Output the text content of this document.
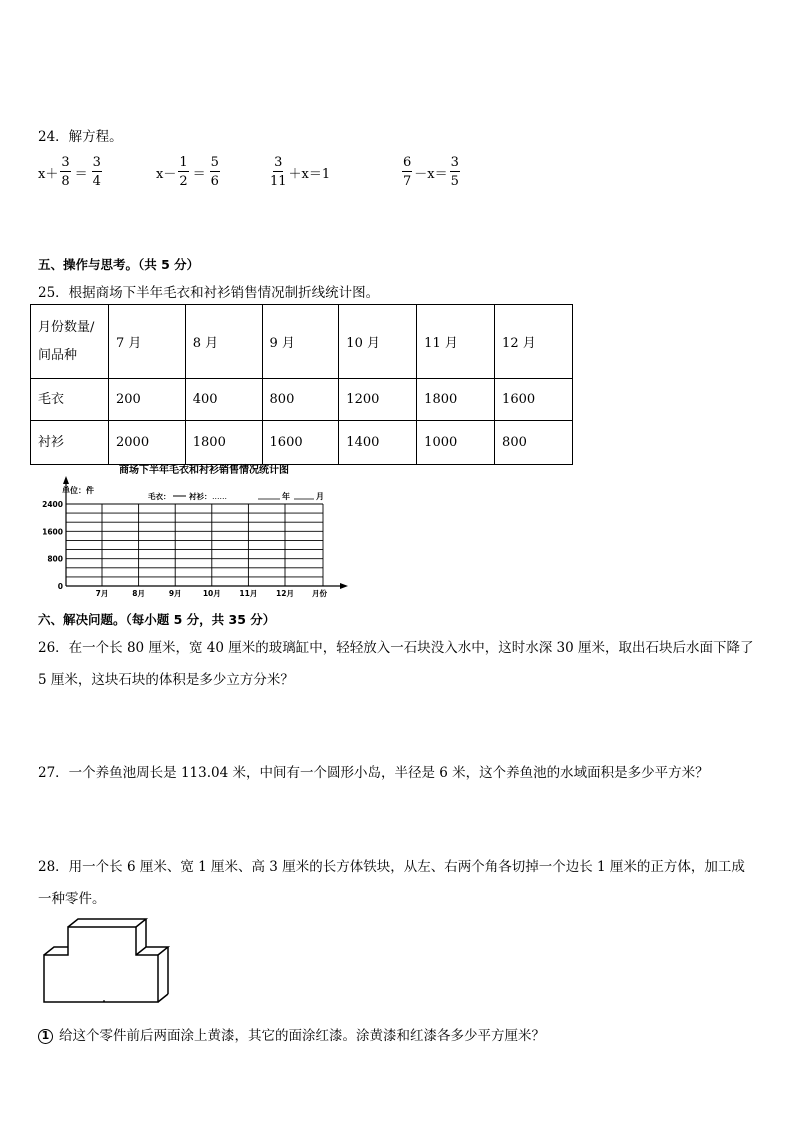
24．解方程。
$x+ \frac{3}{8} = \frac{3}{4}$	$x- \frac{1}{2} = \frac{5}{6}$	$\frac{3}{11} +x=1$	$\frac{6}{7} -x= \frac{3}{5}$
五、操作与思考。（共 5 分）
25．根据商场下半年毛衣和衬衫销售情况制折线统计图。
月份数量/
间品种	7 月	8 月	9 月	10 月	11 月	12 月
毛衣	200	400	800	1200	1800	1600
衬衫	2000	1800	1600	1400	1000	800
商场下半年毛衣和衬衫销售情况统计图
单位：件
毛衣： 衬衫： ……	年	月
0
800
1600
2400
7月	8月	9月	10月 11月 12月 月份
六、解决问题。（每小题 5 分，共 35 分）
26．在一个长 80 厘米，宽 40 厘米的玻璃缸中，轻轻放入一石块没入水中，这时水深 30 厘米，取出石块后水面下降了
5 厘米，这块石块的体积是多少立方分米？
27．一个养鱼池周长是 113.04 米，中间有一个圆形小岛，半径是 6 米，这个养鱼池的水域面积是多少平方米？
28．用一个长 6 厘米、宽 1 厘米、高 3 厘米的长方体铁块，从左、右两个角各切掉一个边长 1 厘米的正方体，加工成
一种零件。
1 给这个零件前后两面涂上黄漆，其它的面涂红漆。涂黄漆和红漆各多少平方厘米？
